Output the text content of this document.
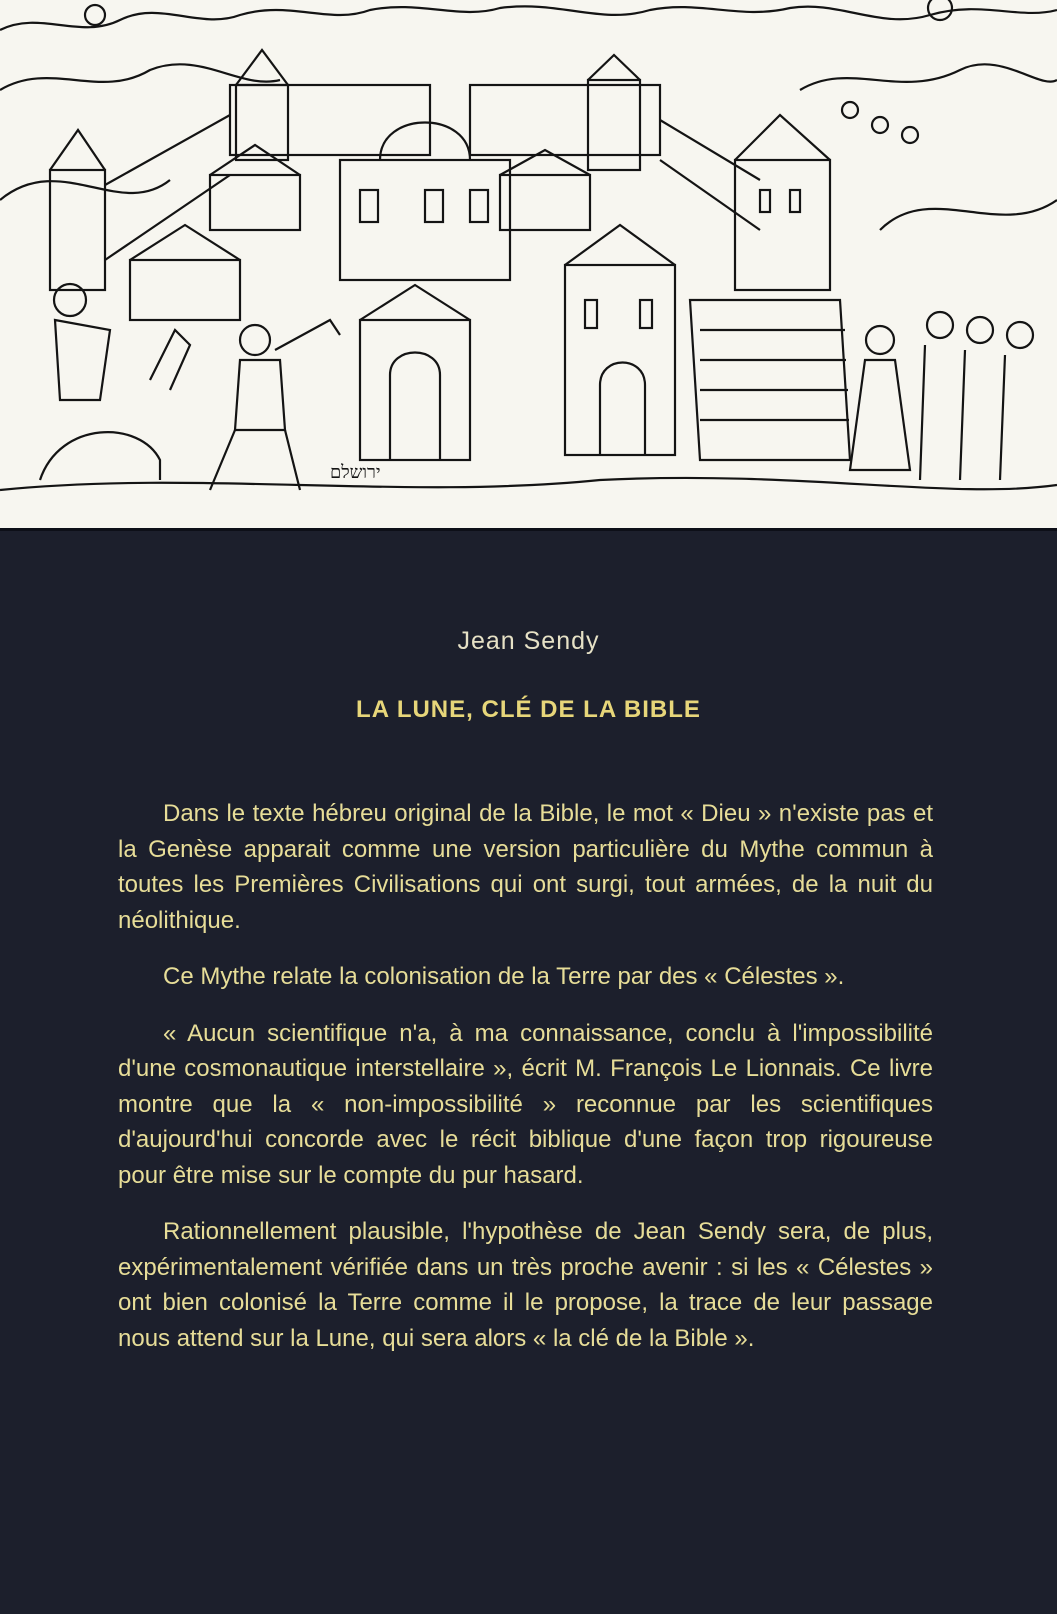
ירושלם
Jean Sendy
LA LUNE, CLÉ DE LA BIBLE

Dans le texte hébreu original de la Bible, le mot « Dieu » n'existe pas et la Genèse apparait comme une version particulière du Mythe commun à toutes les Premières Civilisations qui ont surgi, tout armées, de la nuit du néolithique.

Ce Mythe relate la colonisation de la Terre par des « Célestes ».

« Aucun scientifique n'a, à ma connaissance, conclu à l'impossibilité d'une cosmonautique interstellaire », écrit M. François Le Lionnais. Ce livre montre que la « non-impossibilité » reconnue par les scientifiques d'aujourd'hui concorde avec le récit biblique d'une façon trop rigoureuse pour être mise sur le compte du pur hasard.

Rationnellement plausible, l'hypothèse de Jean Sendy sera, de plus, expérimentalement vérifiée dans un très proche avenir : si les « Célestes » ont bien colonisé la Terre comme il le propose, la trace de leur passage nous attend sur la Lune, qui sera alors « la clé de la Bible ».
